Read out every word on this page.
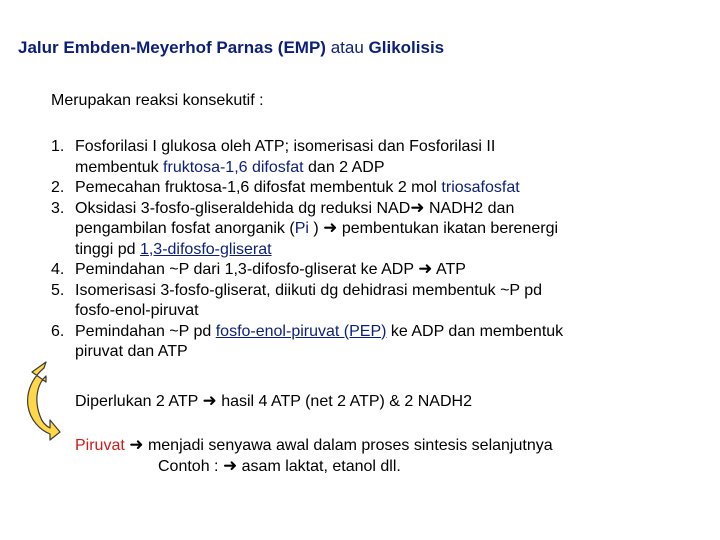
Jalur Embden-Meyerhof Parnas (EMP) atau Glikolisis
Merupakan reaksi konsekutif :
1. Fosforilasi I glukosa oleh ATP; isomerisasi dan Fosforilasi II
membentuk fruktosa-1,6 difosfat dan 2 ADP
2. Pemecahan fruktosa-1,6 difosfat membentuk 2 mol triosafosfat
3. Oksidasi 3-fosfo-gliseraldehida dg reduksi NAD➜ NADH2 dan
pengambilan fosfat anorganik (Pi ) ➜ pembentukan ikatan berenergi
tinggi pd 1,3-difosfo-gliserat
4. Pemindahan ~P dari 1,3-difosfo-gliserat ke ADP ➜ ATP
5. Isomerisasi 3-fosfo-gliserat, diikuti dg dehidrasi membentuk ~P pd
fosfo-enol-piruvat
6. Pemindahan ~P pd fosfo-enol-piruvat (PEP) ke ADP dan membentuk
piruvat dan ATP
Diperlukan 2 ATP ➜ hasil 4 ATP (net 2 ATP) & 2 NADH2
Piruvat ➜ menjadi senyawa awal dalam proses sintesis selanjutnya
Contoh : ➜ asam laktat, etanol dll.
